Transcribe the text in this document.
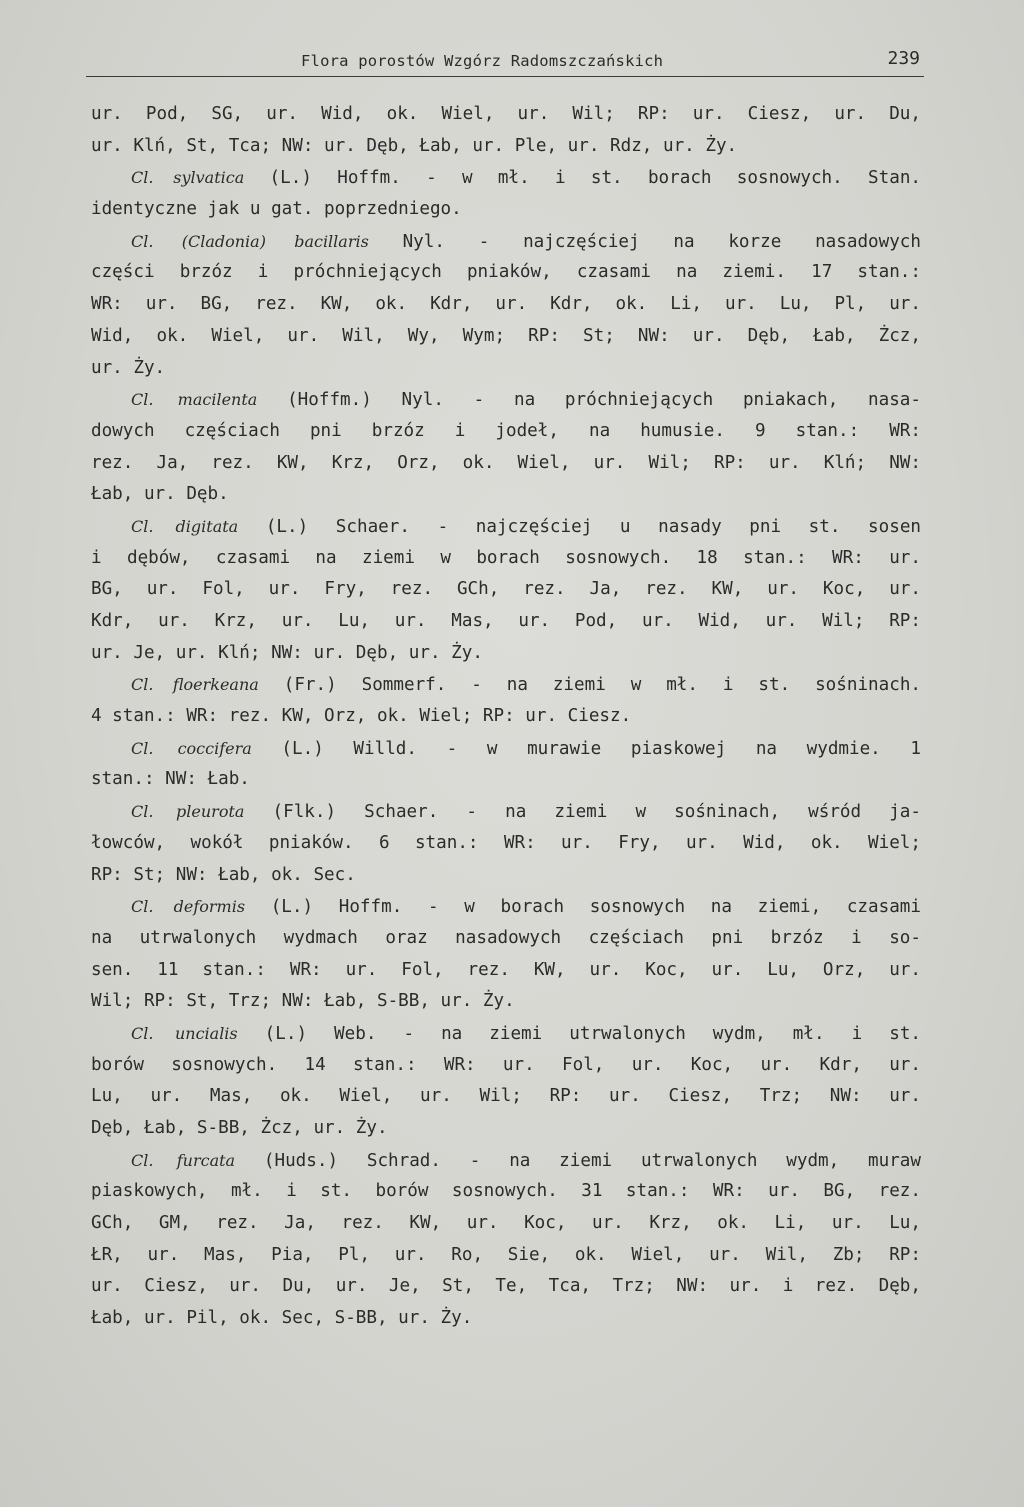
Flora porostów Wzgórz Radomszczańskich	239
ur. Pod, SG, ur. Wid, ok. Wiel, ur. Wil; RP: ur. Ciesz, ur. Du,
ur. Klń, St, Tca; NW: ur. Dęb, Łab, ur. Ple, ur. Rdz, ur. Ży.
Cl. sylvatica (L.) Hoffm. - w mł. i st. borach sosnowych. Stan.
identyczne jak u gat. poprzedniego.
Cl. (Cladonia) bacillaris Nyl. - najczęściej na korze nasadowych
części brzóz i próchniejących pniaków, czasami na ziemi. 17 stan.:
WR: ur. BG, rez. KW, ok. Kdr, ur. Kdr, ok. Li, ur. Lu, Pl, ur.
Wid, ok. Wiel, ur. Wil, Wy, Wym; RP: St; NW: ur. Dęb, Łab, Żcz,
ur. Ży.
Cl. macilenta (Hoffm.) Nyl. - na próchniejących pniakach, nasa-
dowych częściach pni brzóz i jodeł, na humusie. 9 stan.: WR:
rez. Ja, rez. KW, Krz, Orz, ok. Wiel, ur. Wil; RP: ur. Klń; NW:
Łab, ur. Dęb.
Cl. digitata (L.) Schaer. - najczęściej u nasady pni st. sosen
i dębów, czasami na ziemi w borach sosnowych. 18 stan.: WR: ur.
BG, ur. Fol, ur. Fry, rez. GCh, rez. Ja, rez. KW, ur. Koc, ur.
Kdr, ur. Krz, ur. Lu, ur. Mas, ur. Pod, ur. Wid, ur. Wil; RP:
ur. Je, ur. Klń; NW: ur. Dęb, ur. Ży.
Cl. floerkeana (Fr.) Sommerf. - na ziemi w mł. i st. sośninach.
4 stan.: WR: rez. KW, Orz, ok. Wiel; RP: ur. Ciesz.
Cl. coccifera (L.) Willd. - w murawie piaskowej na wydmie. 1
stan.: NW: Łab.
Cl. pleurota (Flk.) Schaer. - na ziemi w sośninach, wśród ja-
łowców, wokół pniaków. 6 stan.: WR: ur. Fry, ur. Wid, ok. Wiel;
RP: St; NW: Łab, ok. Sec.
Cl. deformis (L.) Hoffm. - w borach sosnowych na ziemi, czasami
na utrwalonych wydmach oraz nasadowych częściach pni brzóz i so-
sen. 11 stan.: WR: ur. Fol, rez. KW, ur. Koc, ur. Lu, Orz, ur.
Wil; RP: St, Trz; NW: Łab, S-BB, ur. Ży.
Cl. uncialis (L.) Web. - na ziemi utrwalonych wydm, mł. i st.
borów sosnowych. 14 stan.: WR: ur. Fol, ur. Koc, ur. Kdr, ur.
Lu, ur. Mas, ok. Wiel, ur. Wil; RP: ur. Ciesz, Trz; NW: ur.
Dęb, Łab, S-BB, Żcz, ur. Ży.
Cl. furcata (Huds.) Schrad. - na ziemi utrwalonych wydm, muraw
piaskowych, mł. i st. borów sosnowych. 31 stan.: WR: ur. BG, rez.
GCh, GM, rez. Ja, rez. KW, ur. Koc, ur. Krz, ok. Li, ur. Lu,
ŁR, ur. Mas, Pia, Pl, ur. Ro, Sie, ok. Wiel, ur. Wil, Zb; RP:
ur. Ciesz, ur. Du, ur. Je, St, Te, Tca, Trz; NW: ur. i rez. Dęb,
Łab, ur. Pil, ok. Sec, S-BB, ur. Ży.
